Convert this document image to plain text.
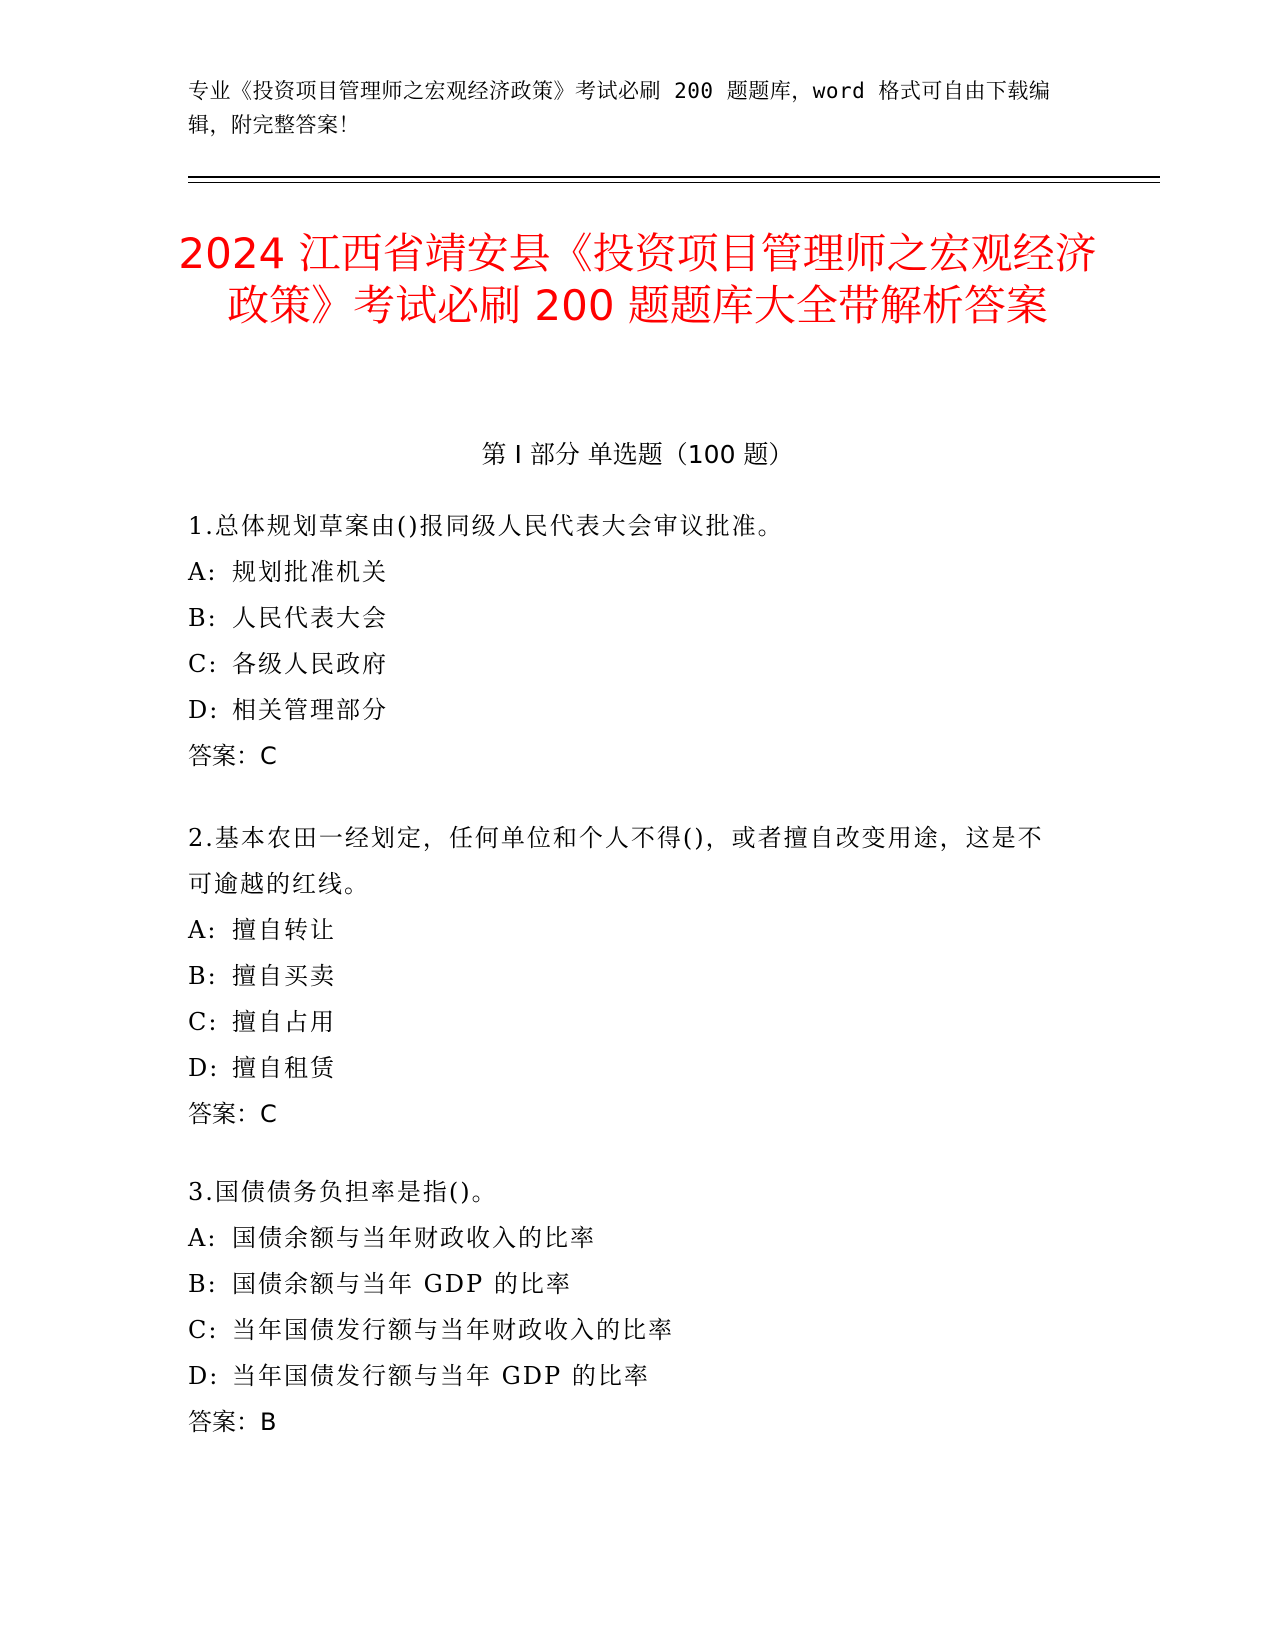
专业《投资项目管理师之宏观经济政策》考试必刷 200 题题库，word 格式可自由下载编辑，附完整答案！
2024 江西省靖安县《投资项目管理师之宏观经济政策》考试必刷 200 题题库大全带解析答案
第 I 部分 单选题（100 题）
1.总体规划草案由()报同级人民代表大会审议批准。
A: 规划批准机关
B: 人民代表大会
C: 各级人民政府
D: 相关管理部分
答案：C
2.基本农田一经划定，任何单位和个人不得()，或者擅自改变用途，这是不可逾越的红线。
A: 擅自转让
B: 擅自买卖
C: 擅自占用
D: 擅自租赁
答案：C
3.国债债务负担率是指()。
A: 国债余额与当年财政收入的比率
B: 国债余额与当年 GDP 的比率
C: 当年国债发行额与当年财政收入的比率
D: 当年国债发行额与当年 GDP 的比率
答案：B
